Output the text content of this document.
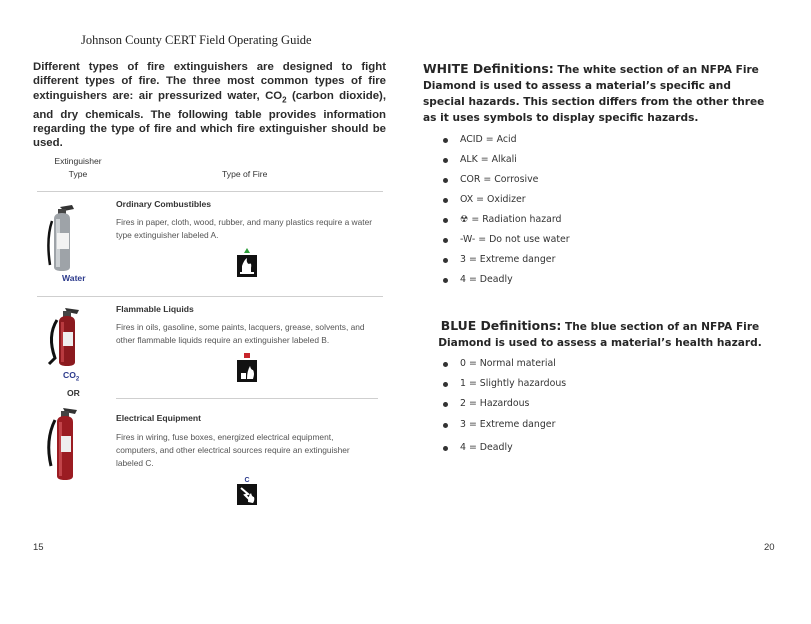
Johnson County CERT Field Operating Guide
Different types of fire extinguishers are designed to fight different types of fire. The three most common types of fire extinguishers are: air pressurized water, $CO_2$ (carbon dioxide), and dry chemicals. The following table provides information regarding the type of fire and which fire extinguisher should be used.
Extinguisher
Type	Type of Fire
Water
Ordinary Combustibles
Fires in paper, cloth, wood, rubber, and many plastics require a water type extinguisher labeled A.
$CO_2$
OR
Flammable Liquids
Fires in oils, gasoline, some paints, lacquers, grease, solvents, and other flammable liquids require an extinguisher labeled B.
Electrical Equipment
Fires in wiring, fuse boxes, energized electrical equipment, computers, and other electrical sources require an extinguisher labeled C.
C
15
WHITE Definitions: The white section of an NFPA Fire Diamond is used to assess a material’s specific and special hazards. This section differs from the other three as it uses symbols to display specific hazards.
ACID = Acid
ALK = Alkali
COR = Corrosive
OX = Oxidizer
☢ = Radiation hazard
-W- = Do not use water
3 = Extreme danger
4 = Deadly
BLUE Definitions: The blue section of an NFPA Fire Diamond is used to assess a material’s health hazard.
0 = Normal material
1 = Slightly hazardous
2 = Hazardous
3 = Extreme danger
4 = Deadly
20
